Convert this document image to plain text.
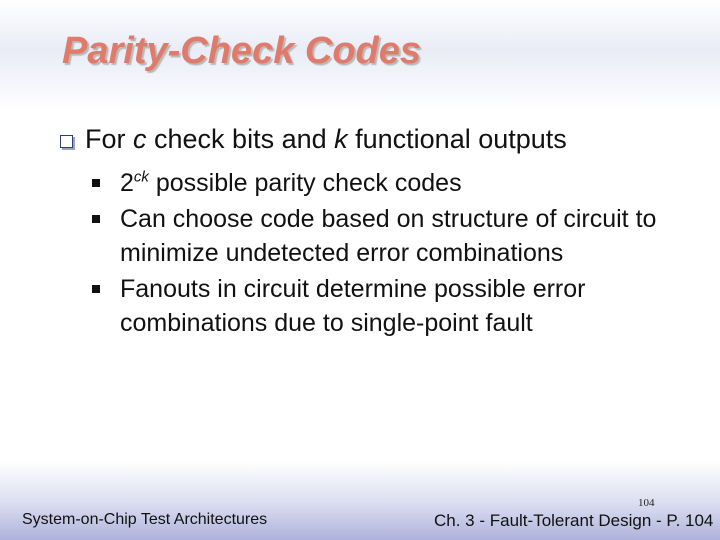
Parity-Check Codes
For c check bits and k functional outputs
$2^{ck}$ possible parity check codes
Can choose code based on structure of circuit to minimize undetected error combinations
Fanouts in circuit determine possible error combinations due to single-point fault
System-on-Chip Test Architectures
104
Ch. 3 - Fault-Tolerant Design - P. 104
